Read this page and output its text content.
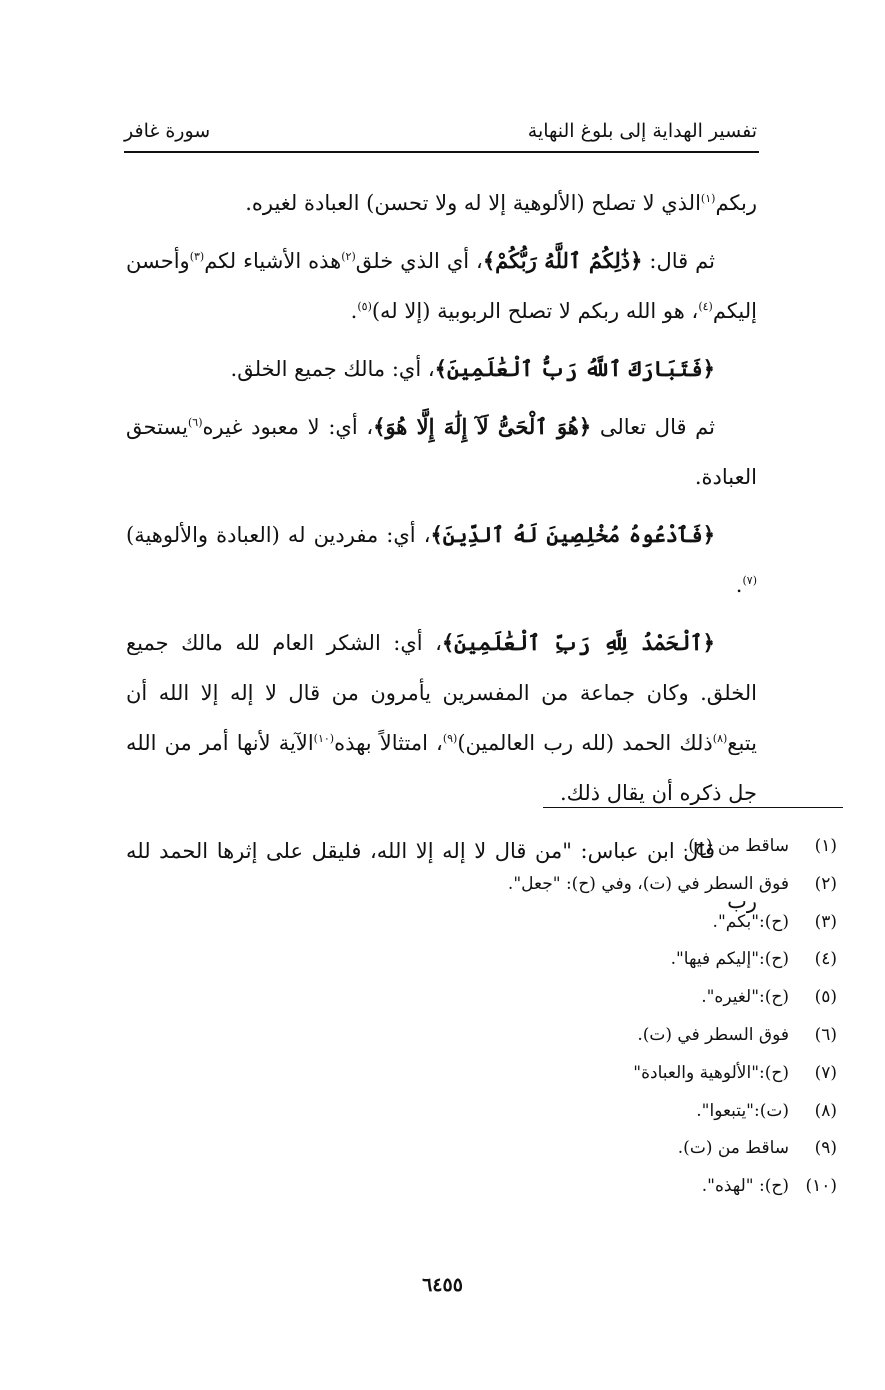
تفسير الهداية إلى بلوغ النهاية
سورة غافر

ربكم$^{(١)}$الذي لا تصلح (الألوهية إلا له ولا تحسن) العبادة لغيره.

ثم قال: ﴿ذَٰلِكُمُ ٱللَّهُ رَبُّكُمْ﴾، أي الذي خلق$^{(٢)}$هذه الأشياء لكم$^{(٣)}$وأحسن إليكم$^{(٤)}$، هو الله ربكم لا تصلح الربوبية (إلا له)$^{(٥)}$.

﴿فَتَبَارَكَ ٱللَّهُ رَبُّ ٱلْعَٰلَمِينَ﴾، أي: مالك جميع الخلق.

ثم قال تعالى ﴿هُوَ ٱلْحَىُّ لَآ إِلَٰهَ إِلَّا هُوَ﴾، أي: لا معبود غيره$^{(٦)}$يستحق العبادة.

﴿فَٱدْعُوهُ مُخْلِصِينَ لَهُ ٱلدِّينَ﴾، أي: مفردين له (العبادة والألوهية)$^{(٧)}$.

﴿ٱلْحَمْدُ لِلَّهِ رَبِّ ٱلْعَٰلَمِينَ﴾، أي: الشكر العام لله مالك جميع الخلق. وكان جماعة من المفسرين يأمرون من قال لا إله إلا الله أن يتبع$^{(٨)}$ذلك الحمد (لله رب العالمين)$^{(٩)}$، امتثالاً بهذه$^{(١٠)}$الآية لأنها أمر من الله جل ذكره أن يقال ذلك.

قال ابن عباس: "من قال لا إله إلا الله، فليقل على إثرها الحمد لله رب

(١)
ساقط من (ح).
(٢)
فوق السطر في (ت)، وفي (ح): "جعل".
(٣)
(ح):"بكم".
(٤)
(ح):"إليكم فيها".
(٥)
(ح):"لغيره".
(٦)
فوق السطر في (ت).
(٧)
(ح):"الألوهية والعبادة"
(٨)
(ت):"يتبعوا".
(٩)
ساقط من (ت).
(١٠)
(ح): "لهذه".
٦٤٥٥
